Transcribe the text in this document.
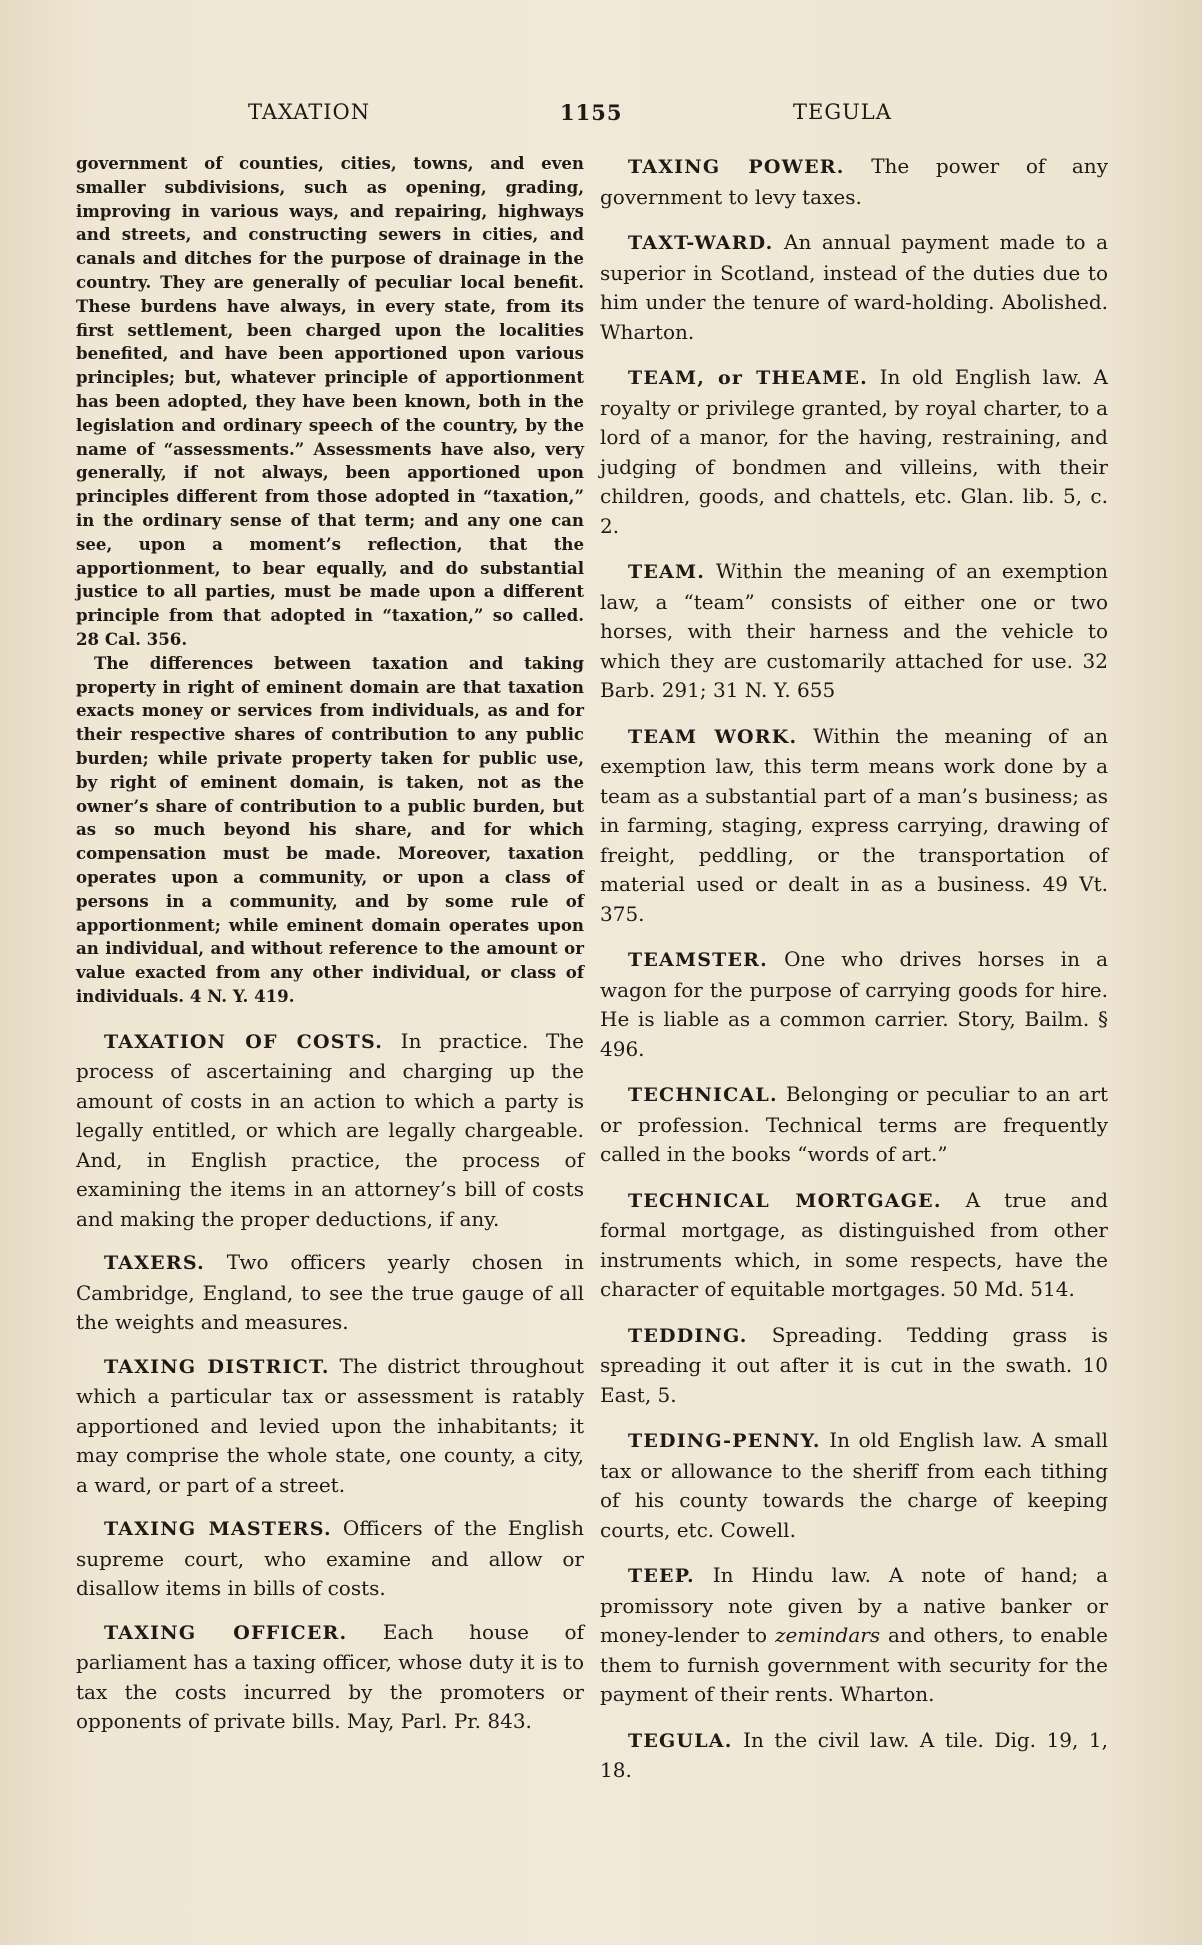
TAXATION	1155	TEGULA

government of counties, cities, towns, and even smaller subdivisions, such as opening, grading, improving in various ways, and repairing, highways and streets, and constructing sewers in cities, and canals and ditches for the purpose of drainage in the country. They are generally of peculiar local benefit. These burdens have always, in every state, from its first settlement, been charged upon the localities benefited, and have been apportioned upon various principles; but, whatever principle of apportionment has been adopted, they have been known, both in the legislation and ordinary speech of the country, by the name of “assessments.” Assessments have also, very generally, if not always, been apportioned upon principles different from those adopted in “taxation,” in the ordinary sense of that term; and any one can see, upon a moment’s reflection, that the apportionment, to bear equally, and do substantial justice to all parties, must be made upon a different principle from that adopted in “taxation,” so called. 28 Cal. 356.

The differences between taxation and taking property in right of eminent domain are that taxation exacts money or services from individuals, as and for their respective shares of contribution to any public burden; while private property taken for public use, by right of eminent domain, is taken, not as the owner’s share of contribution to a public burden, but as so much beyond his share, and for which compensation must be made. Moreover, taxation operates upon a community, or upon a class of persons in a community, and by some rule of apportionment; while eminent domain operates upon an individual, and without reference to the amount or value exacted from any other individual, or class of individuals. 4 N. Y. 419.

TAXATION OF COSTS. In practice. The process of ascertaining and charging up the amount of costs in an action to which a party is legally entitled, or which are legally chargeable. And, in English practice, the process of examining the items in an attorney’s bill of costs and making the proper deductions, if any.

TAXERS. Two officers yearly chosen in Cambridge, England, to see the true gauge of all the weights and measures.

TAXING DISTRICT. The district throughout which a particular tax or assessment is ratably apportioned and levied upon the inhabitants; it may comprise the whole state, one county, a city, a ward, or part of a street.

TAXING MASTERS. Officers of the English supreme court, who examine and allow or disallow items in bills of costs.

TAXING OFFICER. Each house of parliament has a taxing officer, whose duty it is to tax the costs incurred by the promoters or opponents of private bills. May, Parl. Pr. 843.

TAXING POWER. The power of any government to levy taxes.

TAXT-WARD. An annual payment made to a superior in Scotland, instead of the duties due to him under the tenure of ward-holding. Abolished. Wharton.

TEAM, or THEAME. In old English law. A royalty or privilege granted, by royal charter, to a lord of a manor, for the having, restraining, and judging of bondmen and villeins, with their children, goods, and chattels, etc. Glan. lib. 5, c. 2.

TEAM. Within the meaning of an exemption law, a “team” consists of either one or two horses, with their harness and the vehicle to which they are customarily attached for use. 32 Barb. 291; 31 N. Y. 655

TEAM WORK. Within the meaning of an exemption law, this term means work done by a team as a substantial part of a man’s business; as in farming, staging, express carrying, drawing of freight, peddling, or the transportation of material used or dealt in as a business. 49 Vt. 375.

TEAMSTER. One who drives horses in a wagon for the purpose of carrying goods for hire. He is liable as a common carrier. Story, Bailm. § 496.

TECHNICAL. Belonging or peculiar to an art or profession. Technical terms are frequently called in the books “words of art.”

TECHNICAL MORTGAGE. A true and formal mortgage, as distinguished from other instruments which, in some respects, have the character of equitable mortgages. 50 Md. 514.

TEDDING. Spreading. Tedding grass is spreading it out after it is cut in the swath. 10 East, 5.

TEDING-PENNY. In old English law. A small tax or allowance to the sheriff from each tithing of his county towards the charge of keeping courts, etc. Cowell.

TEEP. In Hindu law. A note of hand; a promissory note given by a native banker or money-lender to zemindars and others, to enable them to furnish government with security for the payment of their rents. Wharton.

TEGULA. In the civil law. A tile. Dig. 19, 1, 18.
